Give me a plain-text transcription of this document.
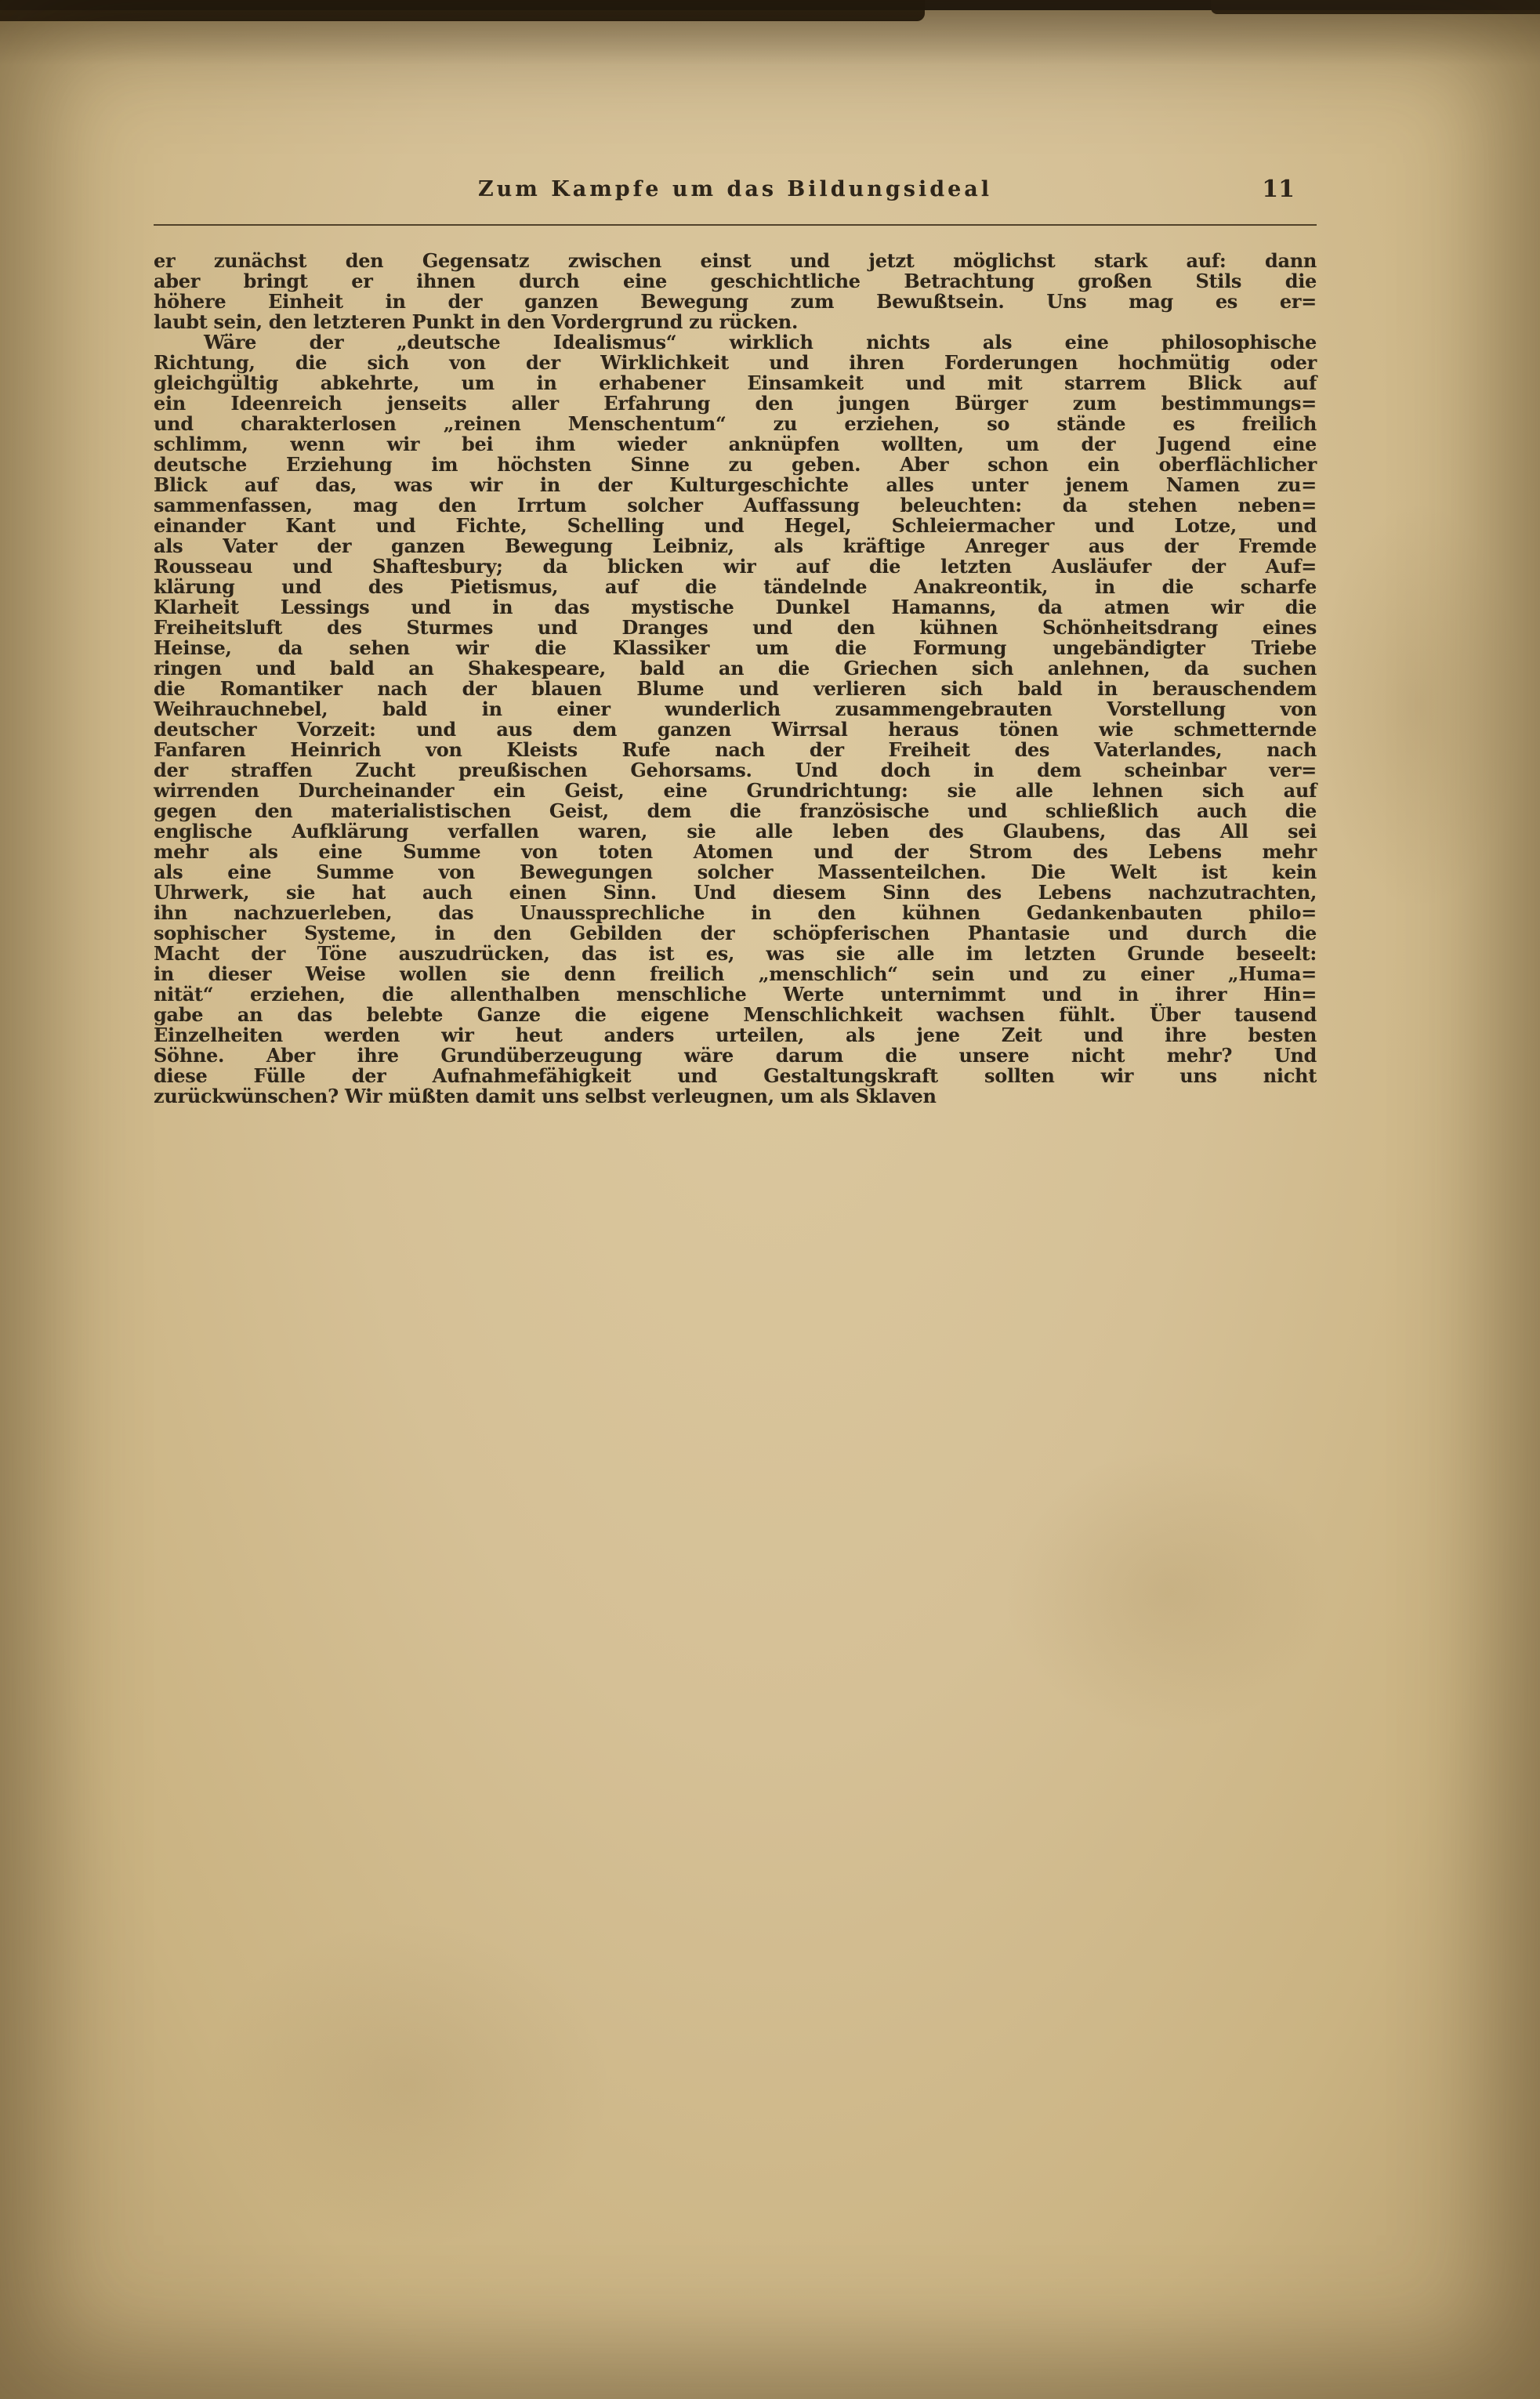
Zum Kampfe um das Bildungsideal	11
er zunächst den Gegensatz zwischen einst und jetzt möglichst stark auf: dann
aber bringt er ihnen durch eine geschichtliche Betrachtung großen Stils die
höhere Einheit in der ganzen Bewegung zum Bewußtsein. Uns mag es er=
laubt sein, den letzteren Punkt in den Vordergrund zu rücken.
Wäre der „deutsche Idealismus“ wirklich nichts als eine philosophische
Richtung, die sich von der Wirklichkeit und ihren Forderungen hochmütig oder
gleichgültig abkehrte, um in erhabener Einsamkeit und mit starrem Blick auf
ein Ideenreich jenseits aller Erfahrung den jungen Bürger zum bestimmungs=
und charakterlosen „reinen Menschentum“ zu erziehen, so stände es freilich
schlimm, wenn wir bei ihm wieder anknüpfen wollten, um der Jugend eine
deutsche Erziehung im höchsten Sinne zu geben. Aber schon ein oberflächlicher
Blick auf das, was wir in der Kulturgeschichte alles unter jenem Namen zu=
sammenfassen, mag den Irrtum solcher Auffassung beleuchten: da stehen neben=
einander Kant und Fichte, Schelling und Hegel, Schleiermacher und Lotze, und
als Vater der ganzen Bewegung Leibniz, als kräftige Anreger aus der Fremde
Rousseau und Shaftesbury; da blicken wir auf die letzten Ausläufer der Auf=
klärung und des Pietismus, auf die tändelnde Anakreontik, in die scharfe
Klarheit Lessings und in das mystische Dunkel Hamanns, da atmen wir die
Freiheitsluft des Sturmes und Dranges und den kühnen Schönheitsdrang eines
Heinse, da sehen wir die Klassiker um die Formung ungebändigter Triebe
ringen und bald an Shakespeare, bald an die Griechen sich anlehnen, da suchen
die Romantiker nach der blauen Blume und verlieren sich bald in berauschendem
Weihrauchnebel, bald in einer wunderlich zusammengebrauten Vorstellung von
deutscher Vorzeit: und aus dem ganzen Wirrsal heraus tönen wie schmetternde
Fanfaren Heinrich von Kleists Rufe nach der Freiheit des Vaterlandes, nach
der straffen Zucht preußischen Gehorsams. Und doch in dem scheinbar ver=
wirrenden Durcheinander ein Geist, eine Grundrichtung: sie alle lehnen sich auf
gegen den materialistischen Geist, dem die französische und schließlich auch die
englische Aufklärung verfallen waren, sie alle leben des Glaubens, das All sei
mehr als eine Summe von toten Atomen und der Strom des Lebens mehr
als eine Summe von Bewegungen solcher Massenteilchen. Die Welt ist kein
Uhrwerk, sie hat auch einen Sinn. Und diesem Sinn des Lebens nachzutrachten,
ihn nachzuerleben, das Unaussprechliche in den kühnen Gedankenbauten philo=
sophischer Systeme, in den Gebilden der schöpferischen Phantasie und durch die
Macht der Töne auszudrücken, das ist es, was sie alle im letzten Grunde beseelt:
in dieser Weise wollen sie denn freilich „menschlich“ sein und zu einer „Huma=
nität“ erziehen, die allenthalben menschliche Werte unternimmt und in ihrer Hin=
gabe an das belebte Ganze die eigene Menschlichkeit wachsen fühlt. Über tausend
Einzelheiten werden wir heut anders urteilen, als jene Zeit und ihre besten
Söhne. Aber ihre Grundüberzeugung wäre darum die unsere nicht mehr? Und
diese Fülle der Aufnahmefähigkeit und Gestaltungskraft sollten wir uns nicht
zurückwünschen? Wir müßten damit uns selbst verleugnen, um als Sklaven
